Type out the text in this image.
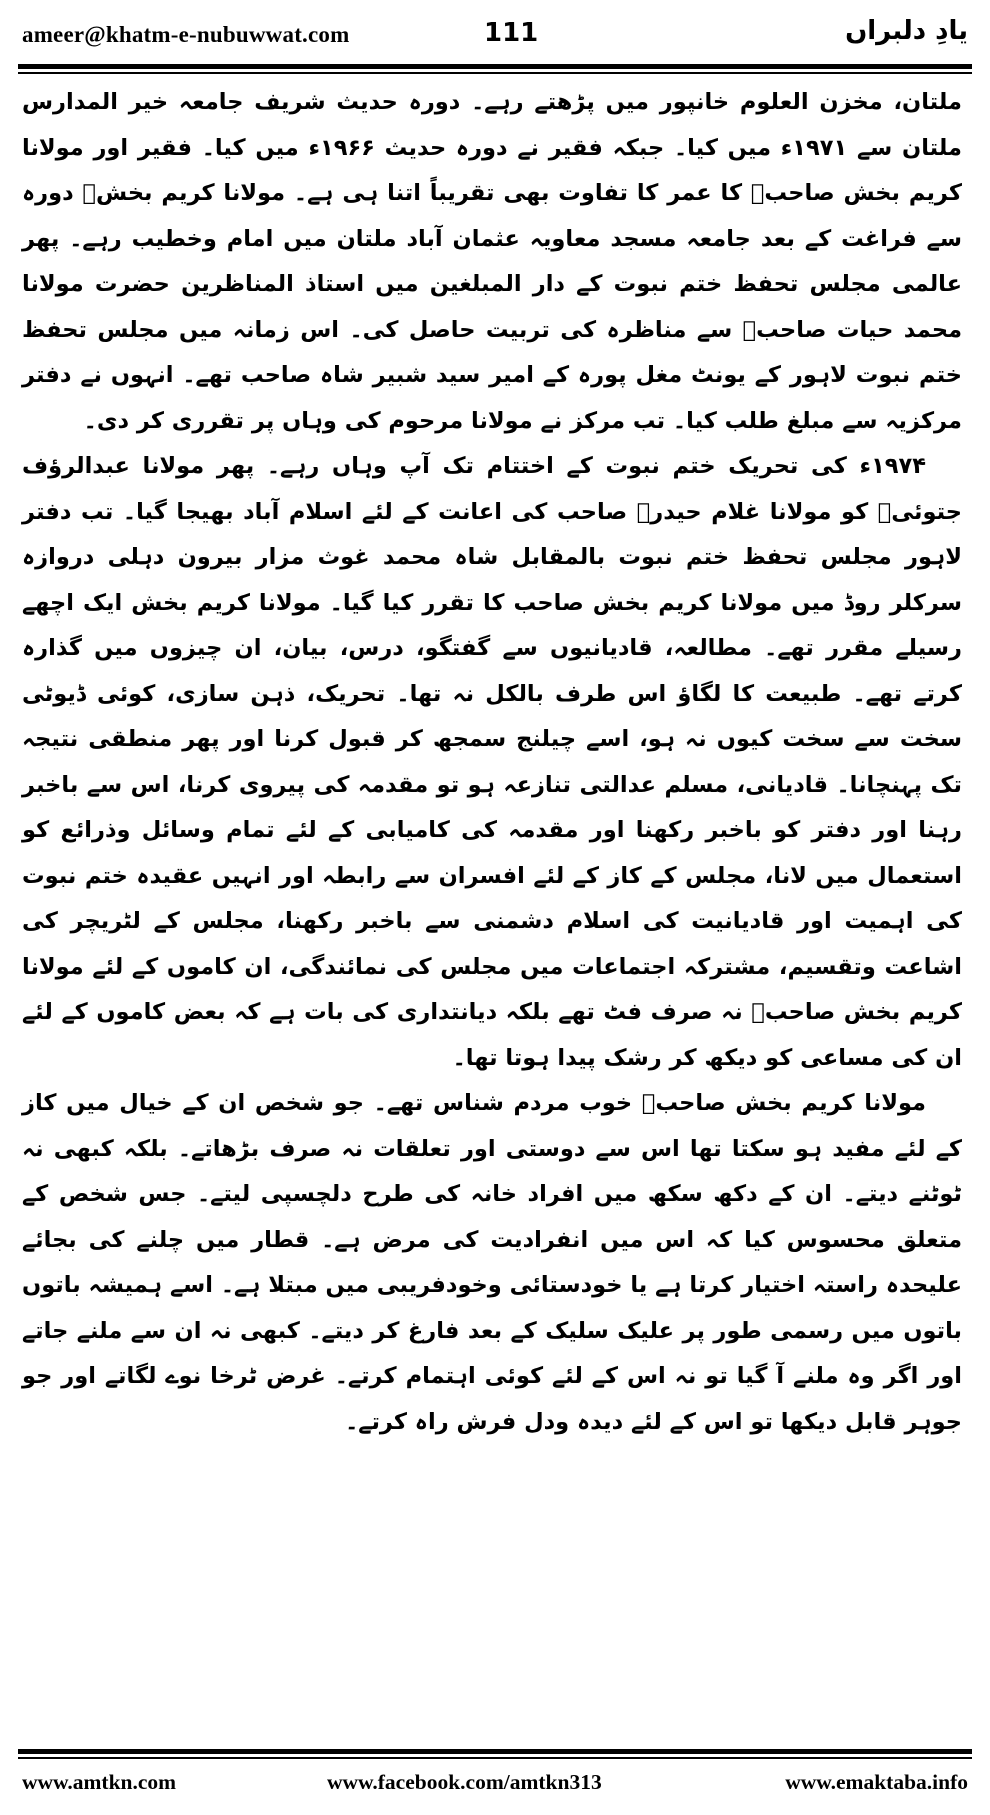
ameer@khatm-e-nubuwwat.com	111	یادِ دلبراں

ملتان، مخزن العلوم خانپور میں پڑھتے رہے۔ دورہ حدیث شریف جامعہ خیر المدارس ملتان سے ۱۹۷۱ء میں کیا۔ جبکہ فقیر نے دورہ حدیث ۱۹۶۶ء میں کیا۔ فقیر اور مولانا کریم بخش صاحبؒ کا عمر کا تفاوت بھی تقریباً اتنا ہی ہے۔ مولانا کریم بخشؒ دورہ سے فراغت کے بعد جامعہ مسجد معاویہ عثمان آباد ملتان میں امام وخطیب رہے۔ پھر عالمی مجلس تحفظ ختم نبوت کے دار المبلغین میں استاذ المناظرین حضرت مولانا محمد حیات صاحبؒ سے مناظرہ کی تربیت حاصل کی۔ اس زمانہ میں مجلس تحفظ ختم نبوت لاہور کے یونٹ مغل پورہ کے امیر سید شبیر شاہ صاحب تھے۔ انہوں نے دفتر مرکزیہ سے مبلغ طلب کیا۔ تب مرکز نے مولانا مرحوم کی وہاں پر تقرری کر دی۔

۱۹۷۴ء کی تحریک ختم نبوت کے اختتام تک آپ وہاں رہے۔ پھر مولانا عبدالرؤف جتوئیؒ کو مولانا غلام حیدرؒ صاحب کی اعانت کے لئے اسلام آباد بھیجا گیا۔ تب دفتر لاہور مجلس تحفظ ختم نبوت بالمقابل شاہ محمد غوث مزار بیرون دہلی دروازہ سرکلر روڈ میں مولانا کریم بخش صاحب کا تقرر کیا گیا۔ مولانا کریم بخش ایک اچھے رسیلے مقرر تھے۔ مطالعہ، قادیانیوں سے گفتگو، درس، بیان، ان چیزوں میں گذارہ کرتے تھے۔ طبیعت کا لگاؤ اس طرف بالکل نہ تھا۔ تحریک، ذہن سازی، کوئی ڈیوٹی سخت سے سخت کیوں نہ ہو، اسے چیلنج سمجھ کر قبول کرنا اور پھر منطقی نتیجہ تک پہنچانا۔ قادیانی، مسلم عدالتی تنازعہ ہو تو مقدمہ کی پیروی کرنا، اس سے باخبر رہنا اور دفتر کو باخبر رکھنا اور مقدمہ کی کامیابی کے لئے تمام وسائل وذرائع کو استعمال میں لانا، مجلس کے کاز کے لئے افسران سے رابطہ اور انہیں عقیدہ ختم نبوت کی اہمیت اور قادیانیت کی اسلام دشمنی سے باخبر رکھنا، مجلس کے لٹریچر کی اشاعت وتقسیم، مشترکہ اجتماعات میں مجلس کی نمائندگی، ان کاموں کے لئے مولانا کریم بخش صاحبؒ نہ صرف فٹ تھے بلکہ دیانتداری کی بات ہے کہ بعض کاموں کے لئے ان کی مساعی کو دیکھ کر رشک پیدا ہوتا تھا۔

مولانا کریم بخش صاحبؒ خوب مردم شناس تھے۔ جو شخص ان کے خیال میں کاز کے لئے مفید ہو سکتا تھا اس سے دوستی اور تعلقات نہ صرف بڑھاتے۔ بلکہ کبھی نہ ٹوٹنے دیتے۔ ان کے دکھ سکھ میں افراد خانہ کی طرح دلچسپی لیتے۔ جس شخص کے متعلق محسوس کیا کہ اس میں انفرادیت کی مرض ہے۔ قطار میں چلنے کی بجائے علیحدہ راستہ اختیار کرتا ہے یا خودستائی وخودفریبی میں مبتلا ہے۔ اسے ہمیشہ باتوں باتوں میں رسمی طور پر علیک سلیک کے بعد فارغ کر دیتے۔ کبھی نہ ان سے ملنے جاتے اور اگر وہ ملنے آ گیا تو نہ اس کے لئے کوئی اہتمام کرتے۔ غرض ٹرخا نوے لگاتے اور جو جوہر قابل دیکھا تو اس کے لئے دیدہ ودل فرش راہ کرتے۔

www.amtkn.com	www.facebook.com/amtkn313	www.emaktaba.info
